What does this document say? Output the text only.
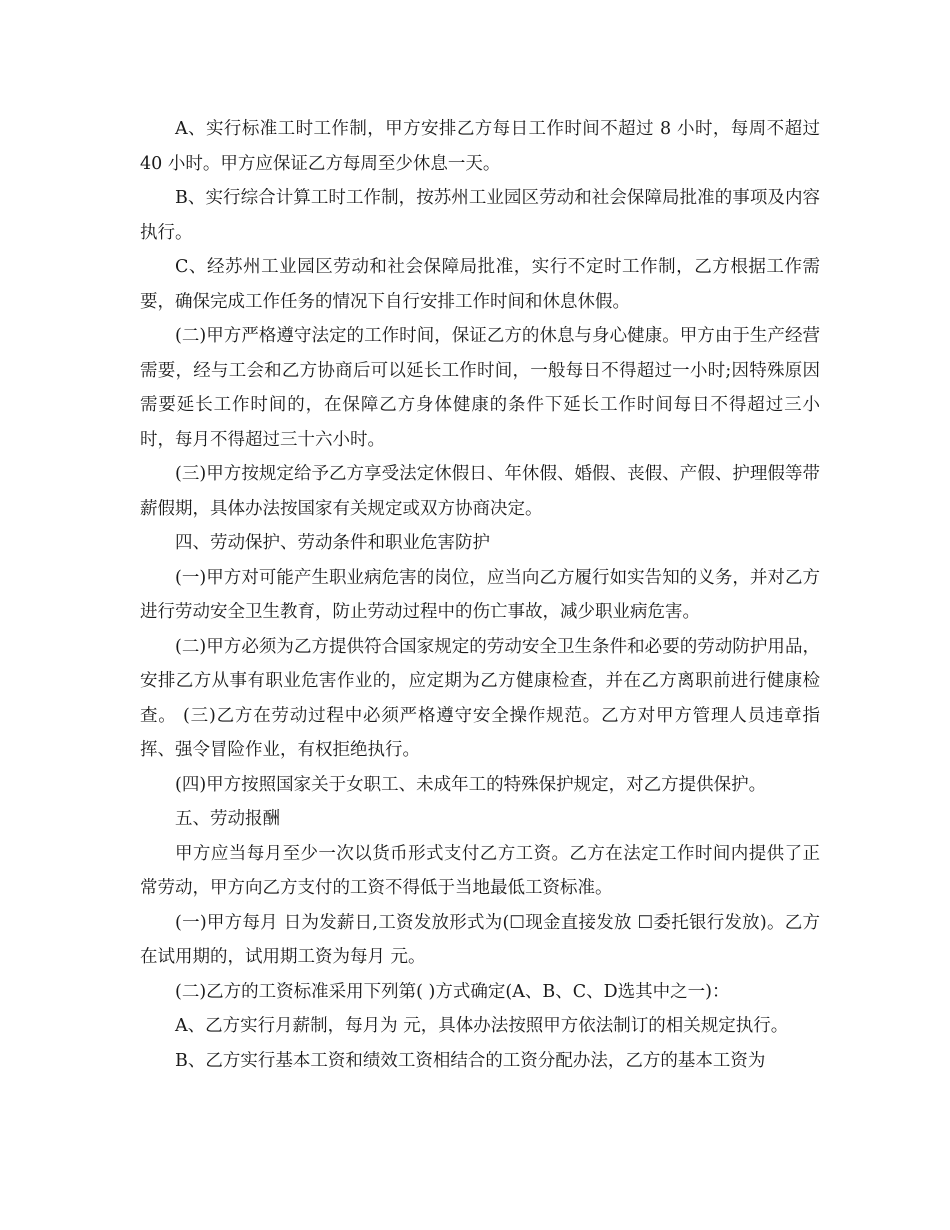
A、实行标准工时工作制，甲方安排乙方每日工作时间不超过 8 小时，每周不超过 40 小时。甲方应保证乙方每周至少休息一天。

B、实行综合计算工时工作制，按苏州工业园区劳动和社会保障局批准的事项及内容执行。

C、经苏州工业园区劳动和社会保障局批准，实行不定时工作制，乙方根据工作需要，确保完成工作任务的情况下自行安排工作时间和休息休假。

(二)甲方严格遵守法定的工作时间，保证乙方的休息与身心健康。甲方由于生产经营需要，经与工会和乙方协商后可以延长工作时间，一般每日不得超过一小时;因特殊原因需要延长工作时间的，在保障乙方身体健康的条件下延长工作时间每日不得超过三小时，每月不得超过三十六小时。

(三)甲方按规定给予乙方享受法定休假日、年休假、婚假、丧假、产假、护理假等带薪假期，具体办法按国家有关规定或双方协商决定。

四、劳动保护、劳动条件和职业危害防护

(一)甲方对可能产生职业病危害的岗位，应当向乙方履行如实告知的义务，并对乙方进行劳动安全卫生教育，防止劳动过程中的伤亡事故，减少职业病危害。

(二)甲方必须为乙方提供符合国家规定的劳动安全卫生条件和必要的劳动防护用品，安排乙方从事有职业危害作业的，应定期为乙方健康检查，并在乙方离职前进行健康检查。 (三)乙方在劳动过程中必须严格遵守安全操作规范。乙方对甲方管理人员违章指挥、强令冒险作业，有权拒绝执行。

(四)甲方按照国家关于女职工、未成年工的特殊保护规定，对乙方提供保护。

五、劳动报酬

甲方应当每月至少一次以货币形式支付乙方工资。乙方在法定工作时间内提供了正常劳动，甲方向乙方支付的工资不得低于当地最低工资标准。

(一)甲方每月 日为发薪日,工资发放形式为(☐现金直接发放 ☐委托银行发放)。乙方在试用期的，试用期工资为每月 元。

(二)乙方的工资标准采用下列第( )方式确定(A、B、C、D选其中之一)：

A、乙方实行月薪制，每月为 元，具体办法按照甲方依法制订的相关规定执行。

B、乙方实行基本工资和绩效工资相结合的工资分配办法，乙方的基本工资为
